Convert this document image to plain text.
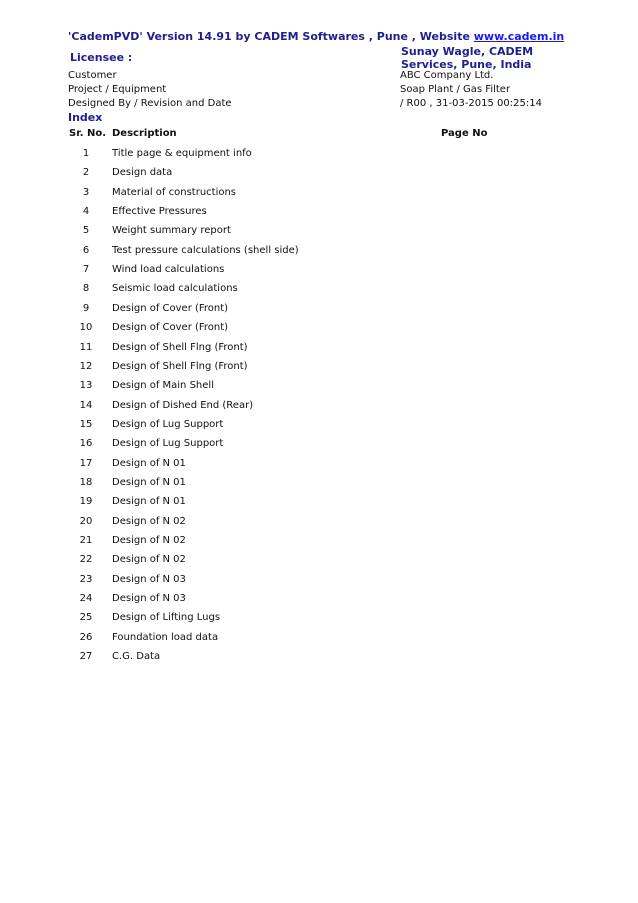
'CademPVD' Version 14.91 by CADEM Softwares , Pune , Website www.cadem.in
Licensee :	Sunay Wagle, CADEM Services, Pune, India
Customer	ABC Company Ltd.
Project / Equipment	Soap Plant / Gas Filter
Designed By / Revision and Date	/ R00 , 31-03-2015 00:25:14
Index
Sr. No. Description	Page No
1	Title page & equipment info
2	Design data
3	Material of constructions
4	Effective Pressures
5	Weight summary report
6	Test pressure calculations (shell side)
7	Wind load calculations
8	Seismic load calculations
9	Design of Cover (Front)
10	Design of Cover (Front)
11	Design of Shell Flng (Front)
12	Design of Shell Flng (Front)
13	Design of Main Shell
14	Design of Dished End (Rear)
15	Design of Lug Support
16	Design of Lug Support
17	Design of N 01
18	Design of N 01
19	Design of N 01
20	Design of N 02
21	Design of N 02
22	Design of N 02
23	Design of N 03
24	Design of N 03
25	Design of Lifting Lugs
26	Foundation load data
27	C.G. Data
